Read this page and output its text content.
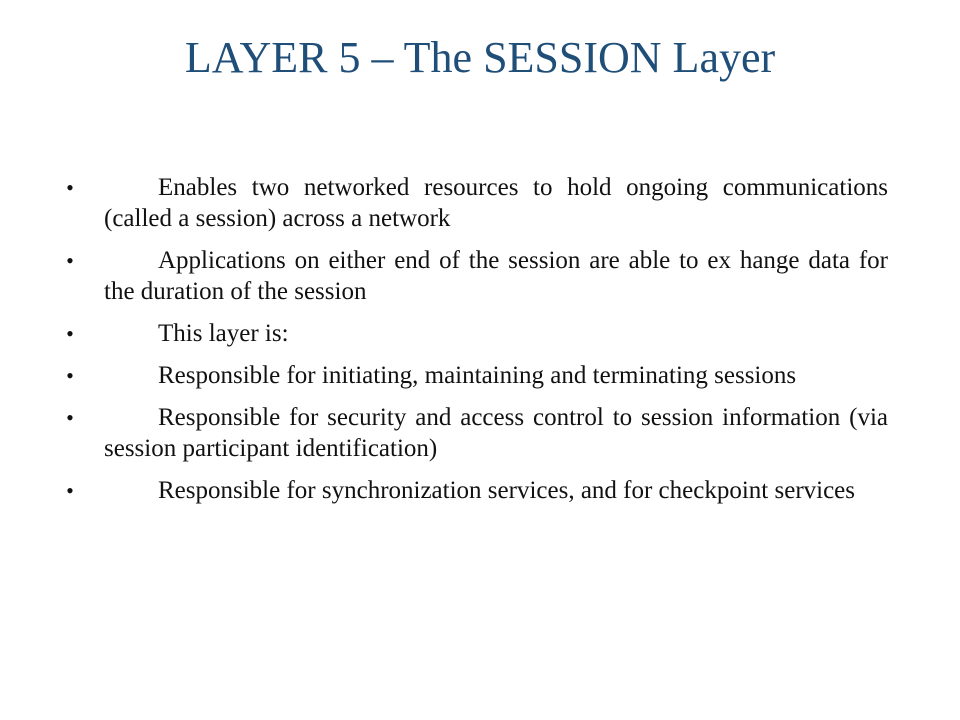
LAYER 5 – The SESSION Layer
•	Enables two networked resources to hold ongoing communications (called a session) across a network
•	Applications on either end of the session are able to ex hange data for the duration of the session
•	This layer is:
•	Responsible for initiating, maintaining and terminating sessions
•	Responsible for security and access control to session information (via session participant identification)
•	Responsible for synchronization services, and for checkpoint services
